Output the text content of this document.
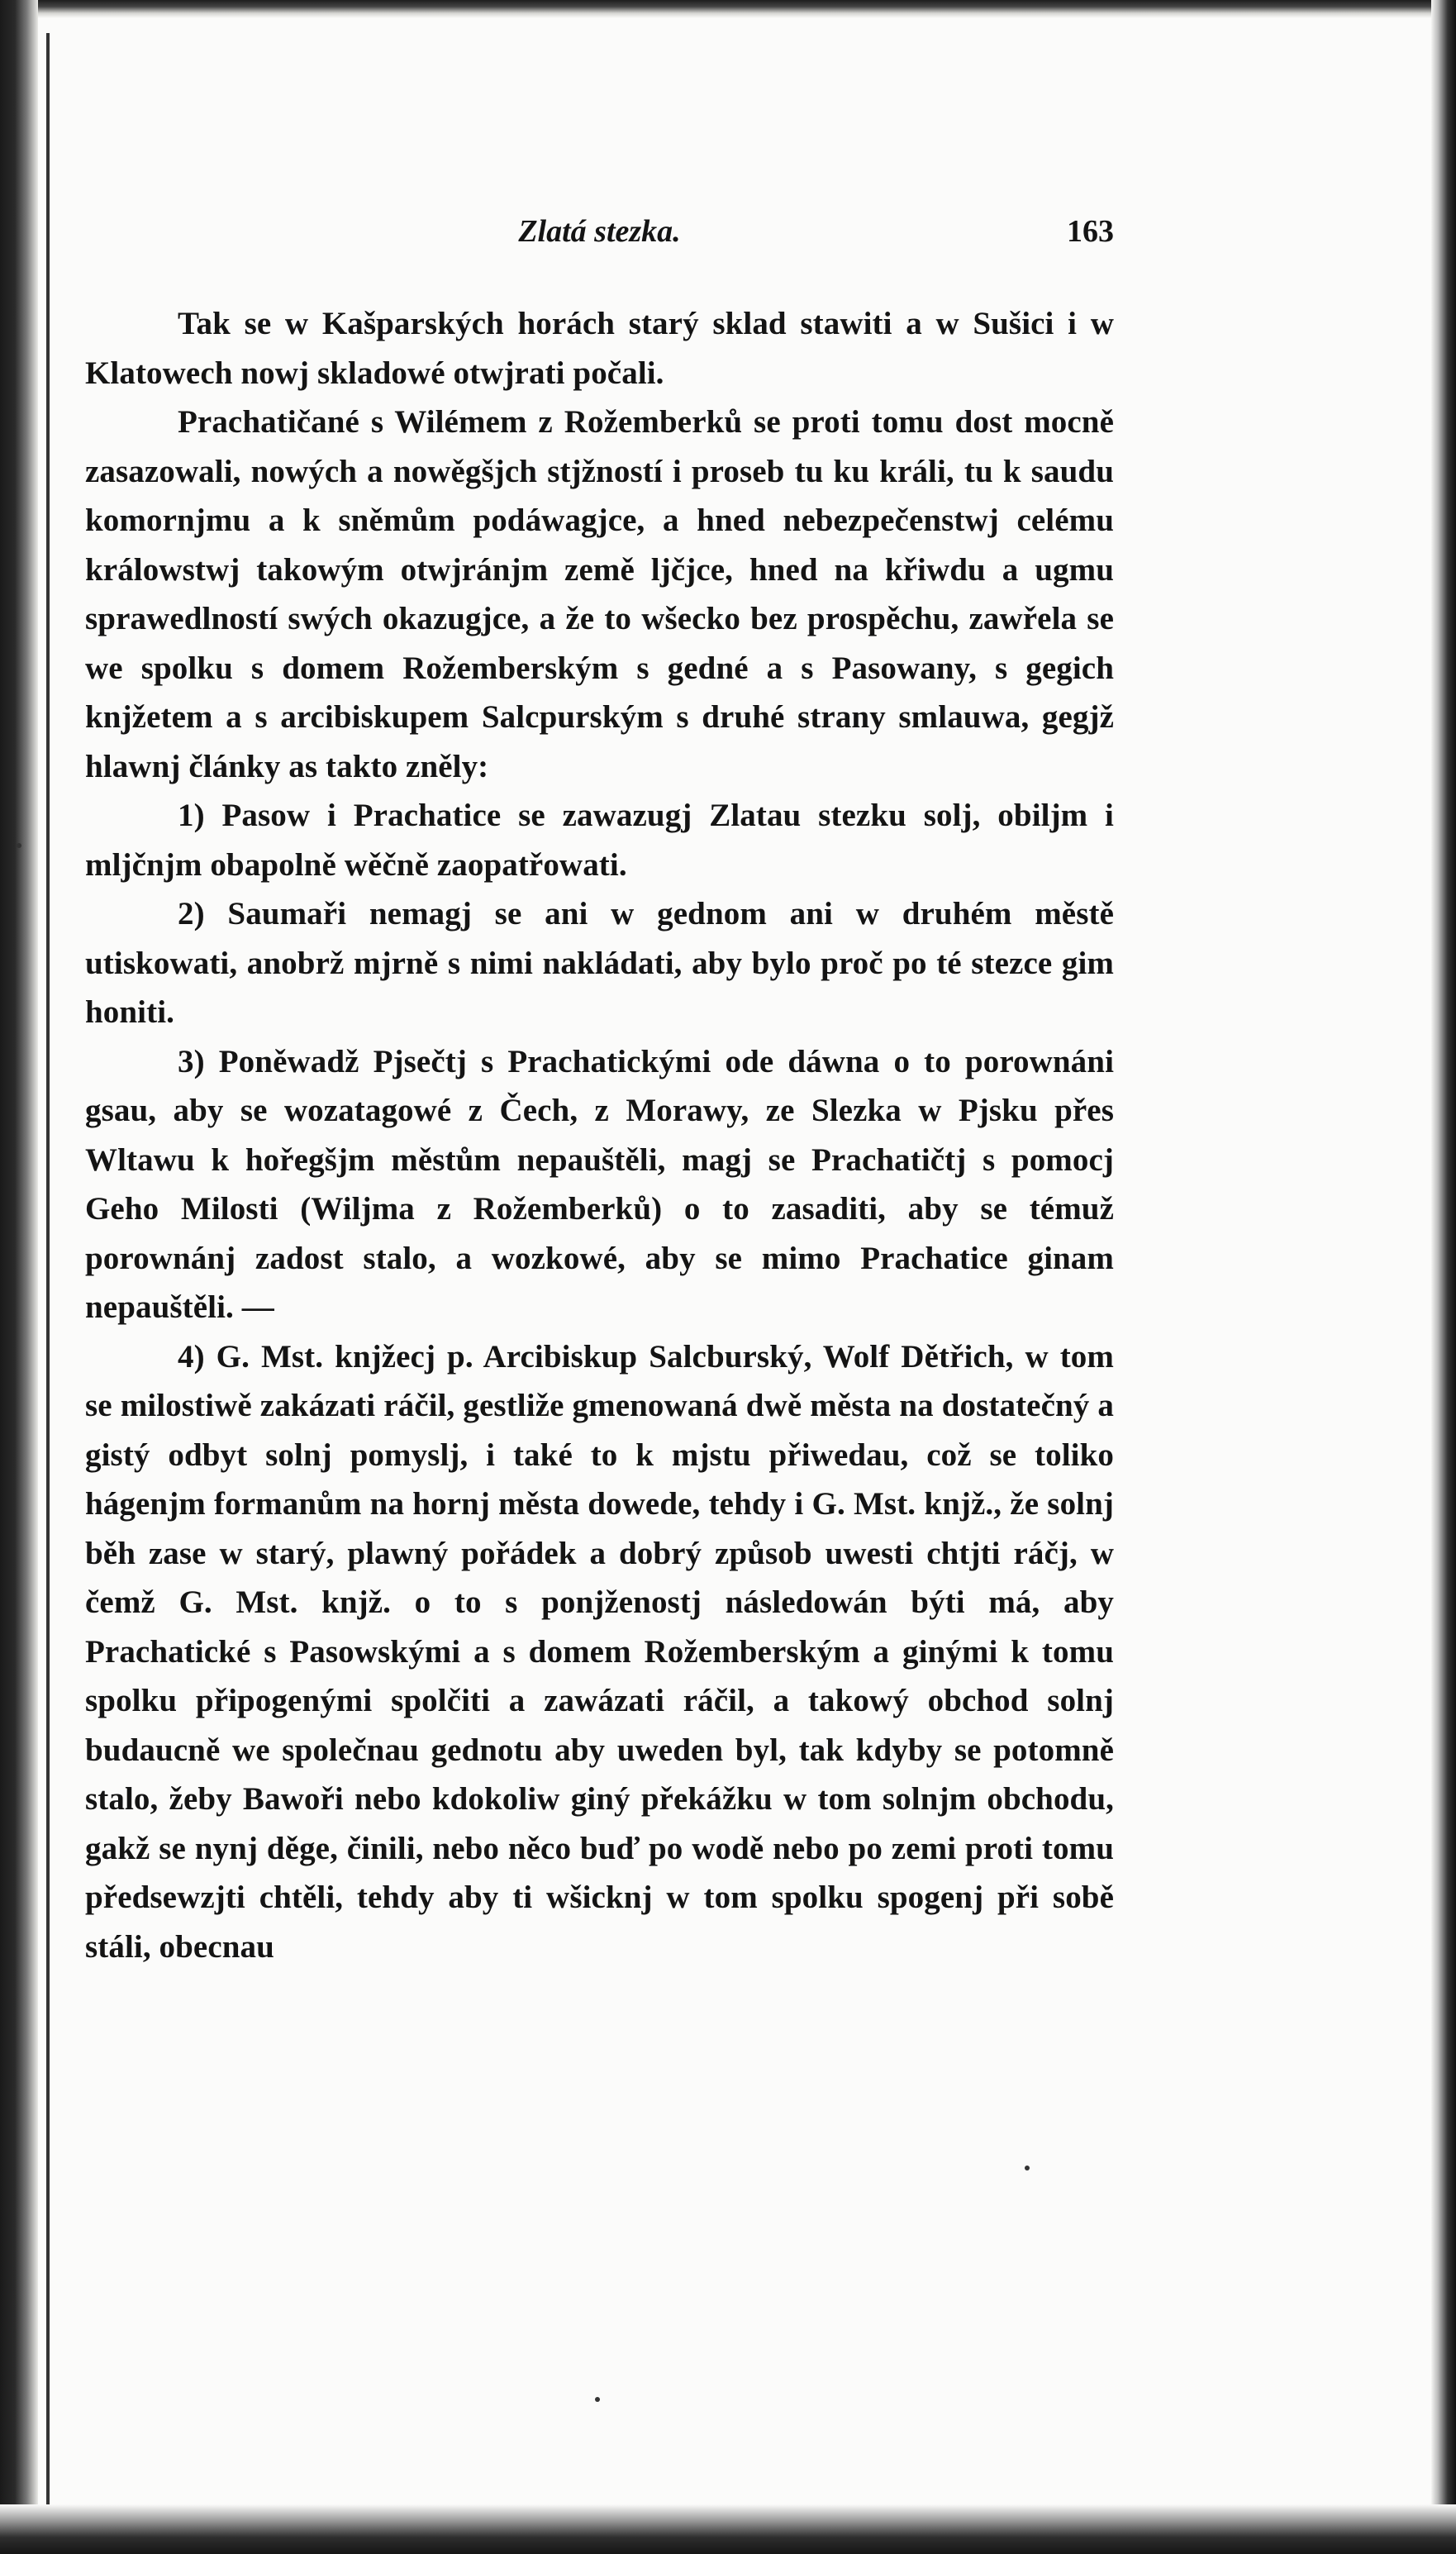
Zlatá stezka.	163

Tak se w Kašparských horách starý sklad stawiti a w Sušici i w Klatowech nowj skladowé otwjrati počali.

Prachatičané s Wilémem z Rožemberků se proti tomu dost mocně zasazowali, nowých a nowěgšjch stjžností i proseb tu ku králi, tu k saudu komornjmu a k sněmům podáwagjce, a hned nebezpečenstwj celému králowstwj takowým otwjránjm země ljčjce, hned na křiwdu a ugmu sprawedlností swých okazugjce, a že to wšecko bez prospěchu, zawřela se we spolku s domem Rožemberským s gedné a s Pasowany, s gegich knjžetem a s arcibiskupem Salcpurským s druhé strany smlauwa, gegjž hlawnj články as takto zněly:

1) Pasow i Prachatice se zawazugj Zlatau stezku solj, obiljm i mljčnjm obapolně wěčně zaopatřowati.

2) Saumaři nemagj se ani w gednom ani w druhém městě utiskowati, anobrž mjrně s nimi nakládati, aby bylo proč po té stezce gim honiti.

3) Poněwadž Pjsečtj s Prachatickými ode dáwna o to porownáni gsau, aby se wozatagowé z Čech, z Morawy, ze Slezka w Pjsku přes Wltawu k hořegšjm městům nepauštěli, magj se Prachatičtj s pomocj Geho Milosti (Wiljma z Rožemberků) o to zasaditi, aby se témuž porownánj zadost stalo, a wozkowé, aby se mimo Prachatice ginam nepauštěli. —

4) G. Mst. knjžecj p. Arcibiskup Salcburský, Wolf Dětřich, w tom se milostiwě zakázati ráčil, gestliže gmenowaná dwě města na dostatečný a gistý odbyt solnj pomyslj, i také to k mjstu přiwedau, což se toliko hágenjm formanům na hornj města dowede, tehdy i G. Mst. knjž., že solnj běh zase w starý, plawný pořádek a dobrý způsob uwesti chtjti ráčj, w čemž G. Mst. knjž. o to s ponjženostj následowán býti má, aby Prachatické s Pasowskými a s domem Rožemberským a ginými k tomu spolku připogenými spolčiti a zawázati ráčil, a takowý obchod solnj budaucně we společnau gednotu aby uweden byl, tak kdyby se potomně stalo, žeby Bawoři nebo kdokoliw giný překážku w tom solnjm obchodu, gakž se nynj děge, činili, nebo něco buď po wodě nebo po zemi proti tomu předsewzjti chtěli, tehdy aby ti wšicknj w tom spolku spogenj při sobě stáli, obecnau
